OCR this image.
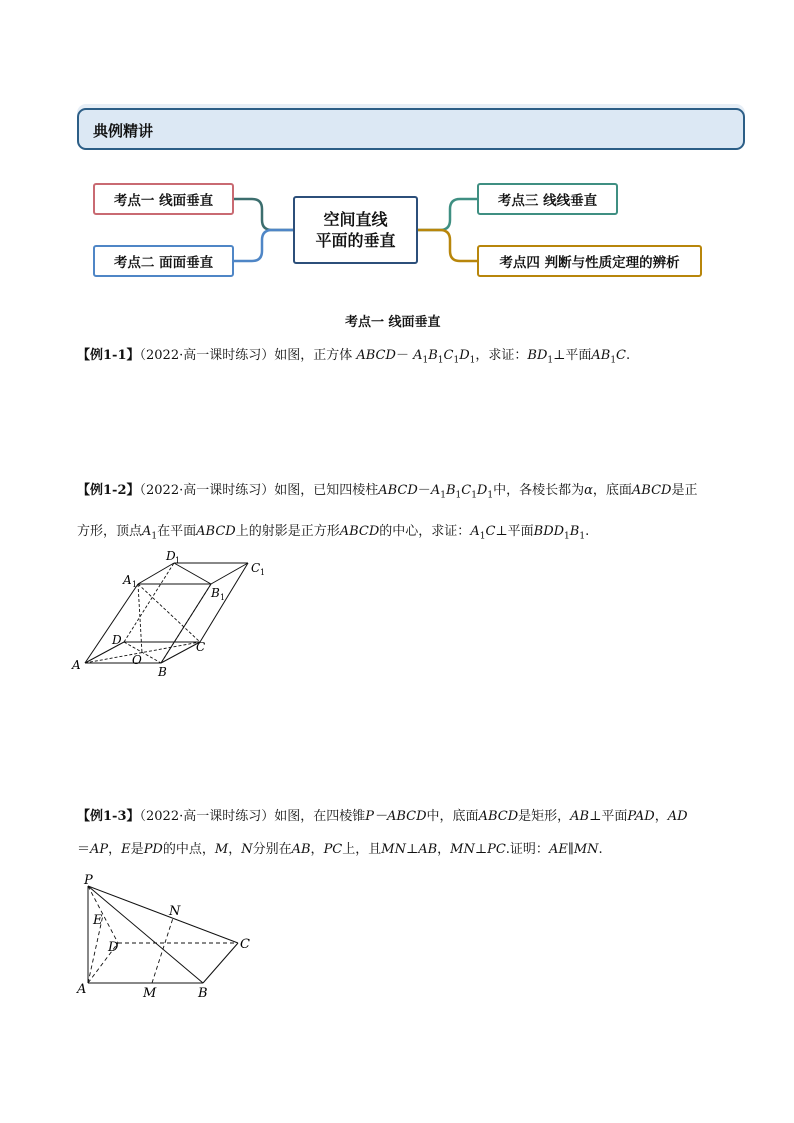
典例精讲
考点一 线面垂直
考点二 面面垂直
空间直线
平面的垂直
考点三 线线垂直
考点四 判断与性质定理的辨析
考点一 线面垂直
【例1-1】（2022·高一课时练习）如图，正方体 ABCD－ $A_1B_1C_1D_1$，求证：$BD_1\perp$平面$AB_1C$.
【例1-2】（2022·高一课时练习）如图，已知四棱柱$ABCD-A_1B_1C_1D_1$中，各棱长都为α，底面ABCD是正
方形，顶点$A_1$在平面ABCD上的射影是正方形ABCD的中心，求证：$A_1C\perp$平面$BDD_1B_1$.
A	B
C
D
O
A 1
D 1
B 1
C 1
【例1-3】（2022·高一课时练习）如图，在四棱锥P－ABCD中，底面ABCD是矩形，AB⊥平面PAD，AD
＝AP，E是PD的中点，M，N分别在AB，PC上，且MN⊥AB，MN⊥PC.证明：AE∥MN.
P
E
N
D	C
A	M	B
